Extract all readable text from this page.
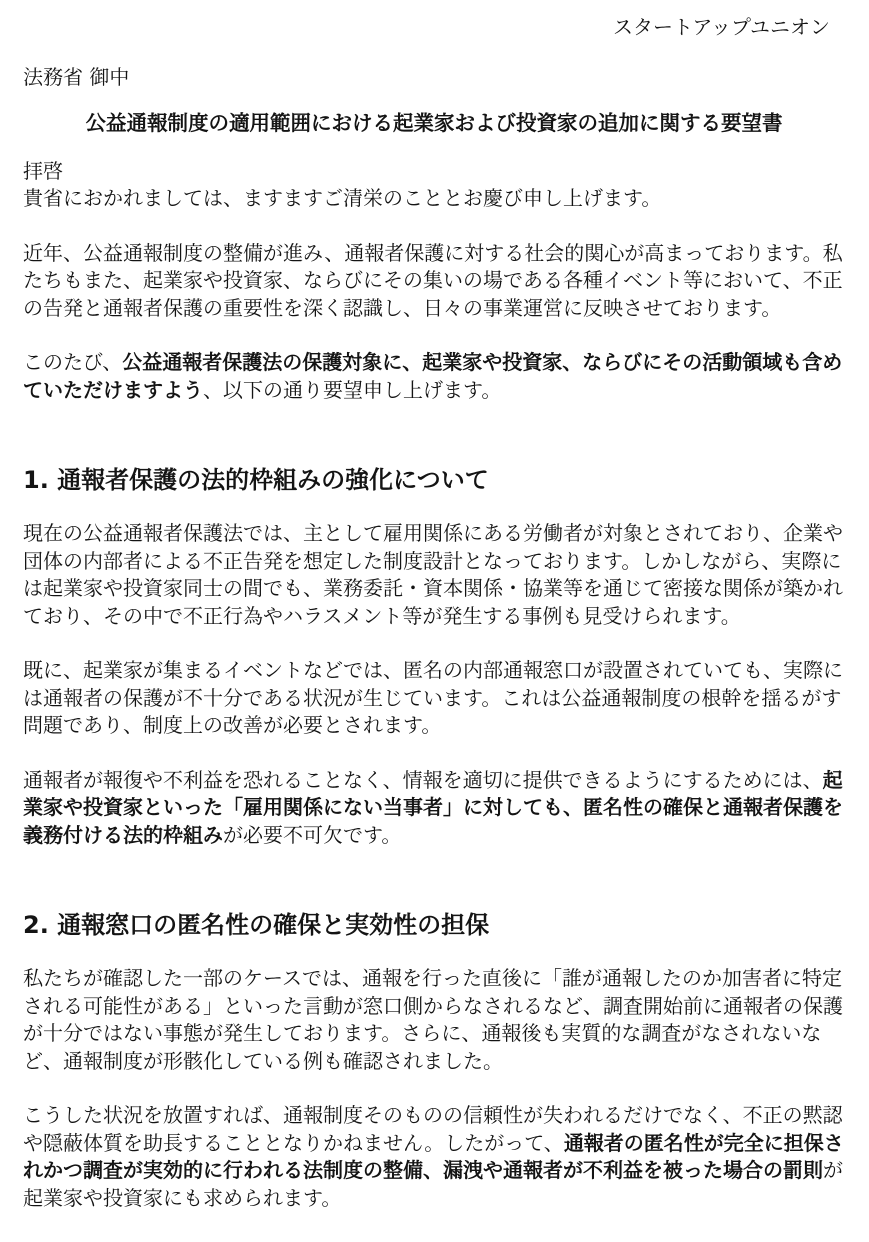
スタートアップユニオン
法務省 御中
公益通報制度の適用範囲における起業家および投資家の追加に関する要望書
拝啓
貴省におかれましては、ますますご清栄のこととお慶び申し上げます。

近年、公益通報制度の整備が進み、通報者保護に対する社会的関心が高まっております。私たちもまた、起業家や投資家、ならびにその集いの場である各種イベント等において、不正の告発と通報者保護の重要性を深く認識し、日々の事業運営に反映させております。

このたび、公益通報者保護法の保護対象に、起業家や投資家、ならびにその活動領域も含めていただけますよう、以下の通り要望申し上げます。

1. 通報者保護の法的枠組みの強化について

現在の公益通報者保護法では、主として雇用関係にある労働者が対象とされており、企業や団体の内部者による不正告発を想定した制度設計となっております。しかしながら、実際には起業家や投資家同士の間でも、業務委託・資本関係・協業等を通じて密接な関係が築かれており、その中で不正行為やハラスメント等が発生する事例も見受けられます。

既に、起業家が集まるイベントなどでは、匿名の内部通報窓口が設置されていても、実際には通報者の保護が不十分である状況が生じています。これは公益通報制度の根幹を揺るがす問題であり、制度上の改善が必要とされます。

通報者が報復や不利益を恐れることなく、情報を適切に提供できるようにするためには、起業家や投資家といった「雇用関係にない当事者」に対しても、匿名性の確保と通報者保護を義務付ける法的枠組みが必要不可欠です。

2. 通報窓口の匿名性の確保と実効性の担保

私たちが確認した一部のケースでは、通報を行った直後に「誰が通報したのか加害者に特定される可能性がある」といった言動が窓口側からなされるなど、調査開始前に通報者の保護が十分ではない事態が発生しております。さらに、通報後も実質的な調査がなされないなど、通報制度が形骸化している例も確認されました。

こうした状況を放置すれば、通報制度そのものの信頼性が失われるだけでなく、不正の黙認や隠蔽体質を助長することとなりかねません。したがって、通報者の匿名性が完全に担保されかつ調査が実効的に行われる法制度の整備、漏洩や通報者が不利益を被った場合の罰則が起業家や投資家にも求められます。
